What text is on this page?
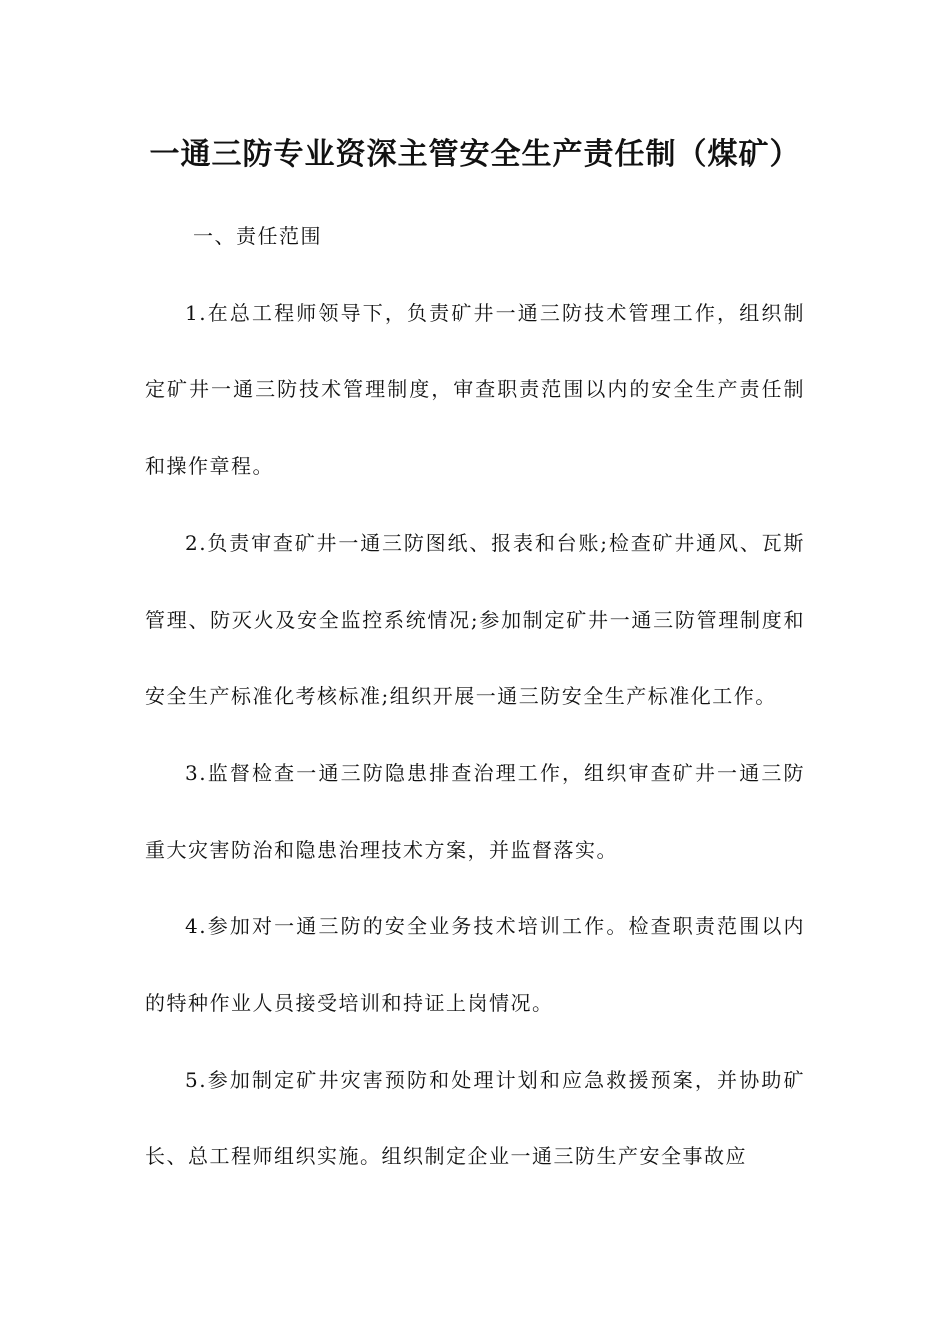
一通三防专业资深主管安全生产责任制（煤矿）

一、责任范围

1.在总工程师领导下，负责矿井一通三防技术管理工作，组织制定矿井一通三防技术管理制度，审查职责范围以内的安全生产责任制和操作章程。

2.负责审查矿井一通三防图纸、报表和台账;检查矿井通风、瓦斯管理、防灭火及安全监控系统情况;参加制定矿井一通三防管理制度和安全生产标准化考核标准;组织开展一通三防安全生产标准化工作。

3.监督检查一通三防隐患排查治理工作，组织审查矿井一通三防重大灾害防治和隐患治理技术方案，并监督落实。

4.参加对一通三防的安全业务技术培训工作。检查职责范围以内的特种作业人员接受培训和持证上岗情况。

5.参加制定矿井灾害预防和处理计划和应急救援预案，并协助矿长、总工程师组织实施。组织制定企业一通三防生产安全事故应
